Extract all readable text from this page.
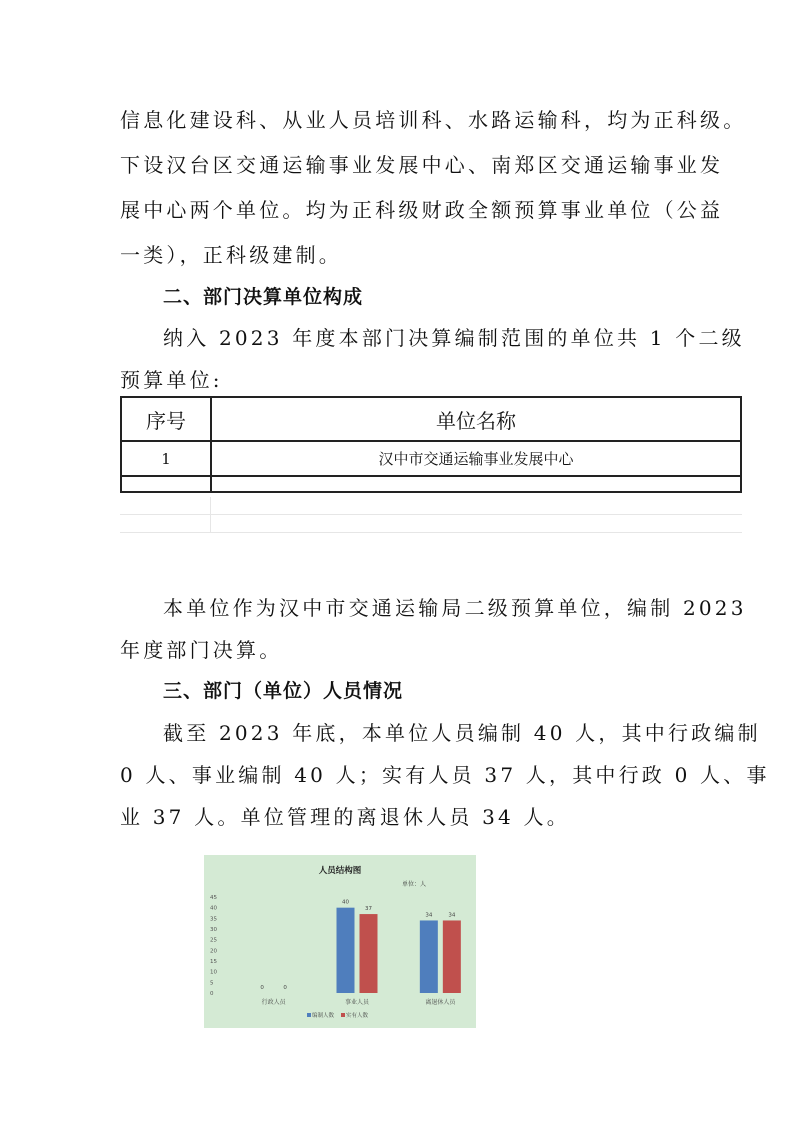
信息化建设科、从业人员培训科、水路运输科，均为正科级。
下设汉台区交通运输事业发展中心、南郑区交通运输事业发
展中心两个单位。均为正科级财政全额预算事业单位（公益
一类），正科级建制。
二、部门决算单位构成
纳入 2023 年度本部门决算编制范围的单位共 1 个二级
预算单位:
序号	单位名称
1	汉中市交通运输事业发展中心

本单位作为汉中市交通运输局二级预算单位，编制 2023
年度部门决算。
三、部门（单位）人员情况
截至 2023 年底，本单位人员编制 40 人，其中行政编制
0 人、事业编制 40 人；实有人员 37 人，其中行政 0 人、事
业 37 人。单位管理的离退休人员 34 人。
人员结构图
单位：人
0
5
10
15
20
25
30
35
40
45
0	0
40
37
34	34
行政人员	事业人员	离退休人员
编制人数 实有人数
